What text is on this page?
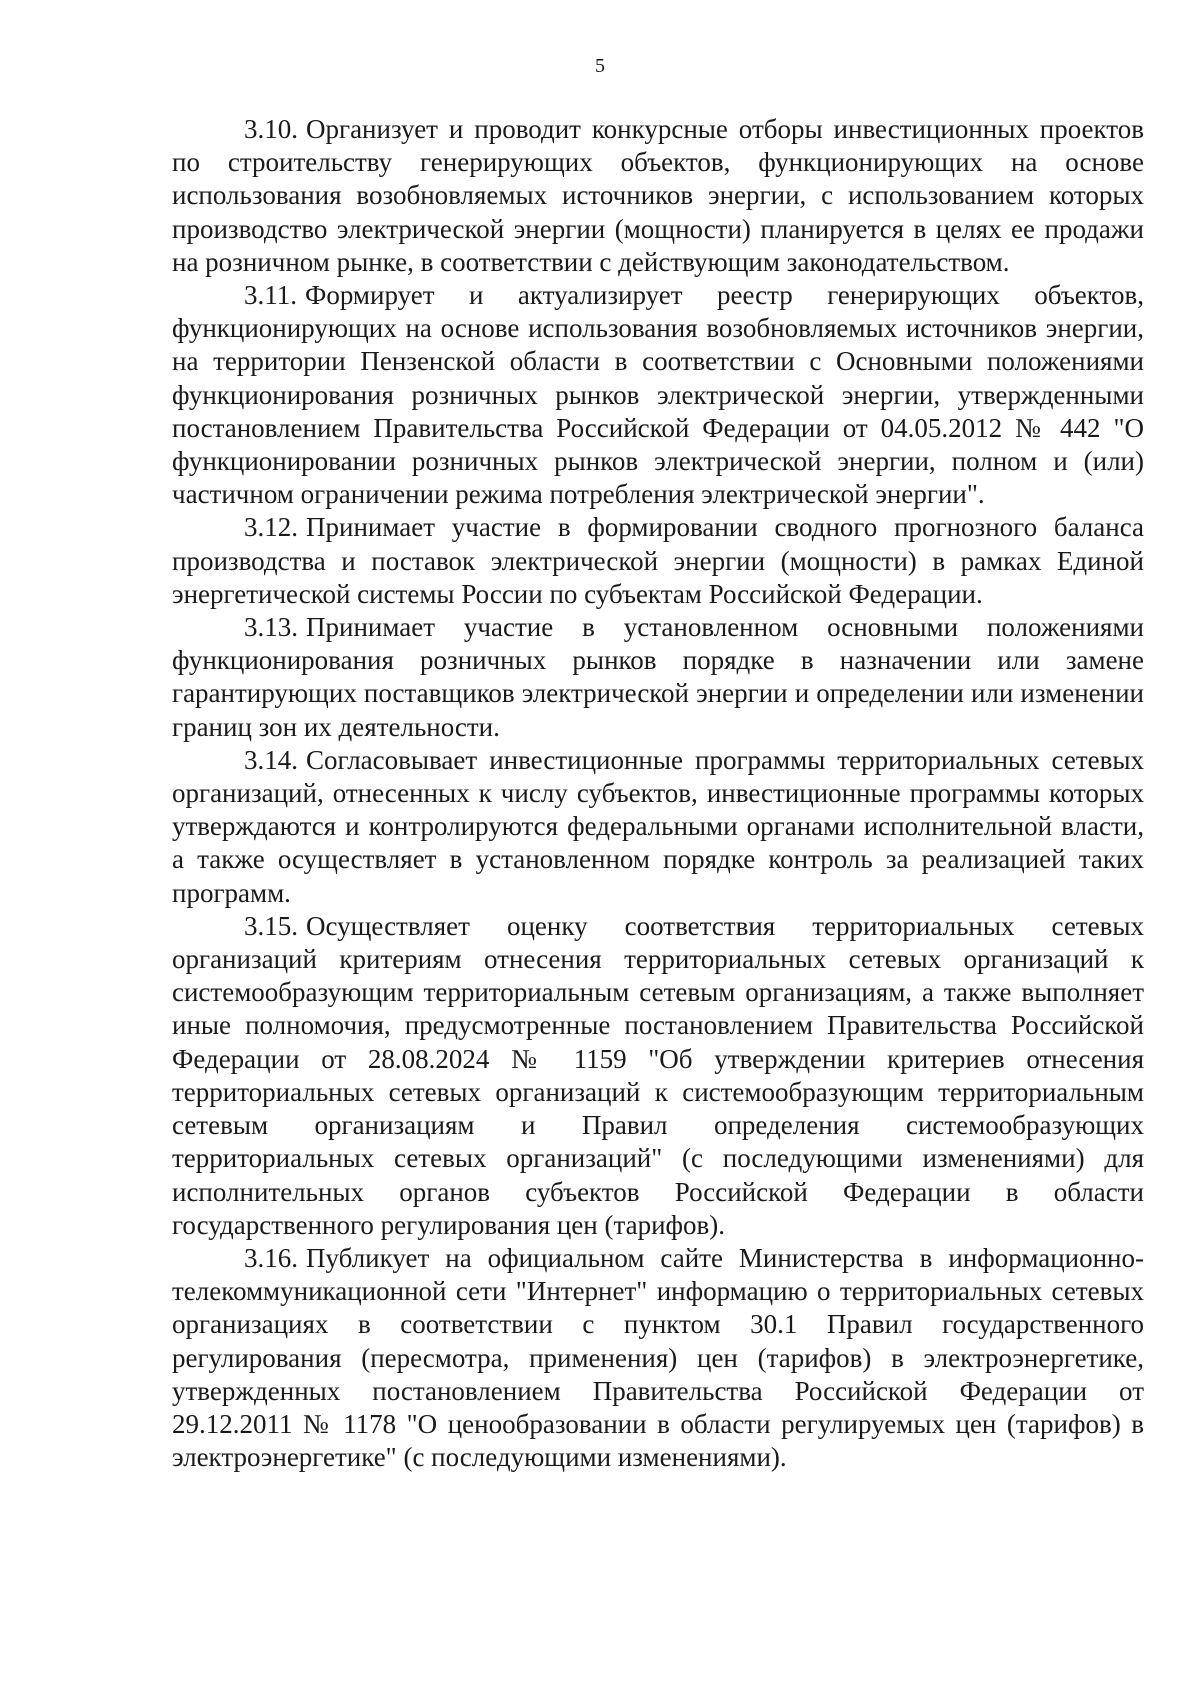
5

3.10. Организует и проводит конкурсные отборы инвестиционных проектов по строительству генерирующих объектов, функционирующих на основе использования возобновляемых источников энергии, с использованием которых производство электрической энергии (мощности) планируется в целях ее продажи на розничном рынке, в соответствии с действующим законодательством.

3.11. Формирует и актуализирует реестр генерирующих объектов, функционирующих на основе использования возобновляемых источников энергии, на территории Пензенской области в соответствии с Основными положениями функционирования розничных рынков электрической энергии, утвержденными постановлением Правительства Российской Федерации от 04.05.2012 № 442 "О функционировании розничных рынков электрической энергии, полном и (или) частичном ограничении режима потребления электрической энергии".

3.12. Принимает участие в формировании сводного прогнозного баланса производства и поставок электрической энергии (мощности) в рамках Единой энергетической системы России по субъектам Российской Федерации.

3.13. Принимает участие в установленном основными положениями функционирования розничных рынков порядке в назначении или замене гарантирующих поставщиков электрической энергии и определении или изменении границ зон их деятельности.

3.14. Согласовывает инвестиционные программы территориальных сетевых организаций, отнесенных к числу субъектов, инвестиционные программы которых утверждаются и контролируются федеральными органами исполнительной власти, а также осуществляет в установленном порядке контроль за реализацией таких программ.

3.15. Осуществляет оценку соответствия территориальных сетевых организаций критериям отнесения территориальных сетевых организаций к системообразующим территориальным сетевым организациям, а также выполняет иные полномочия, предусмотренные постановлением Правительства Российской Федерации от 28.08.2024 № 1159 "Об утверждении критериев отнесения территориальных сетевых организаций к системообразующим территориальным сетевым организациям и Правил определения системообразующих территориальных сетевых организаций" (с последующими изменениями) для исполнительных органов субъектов Российской Федерации в области государственного регулирования цен (тарифов).

3.16. Публикует на официальном сайте Министерства в информационно-телекоммуникационной сети "Интернет" информацию о территориальных сетевых организациях в соответствии с пунктом 30.1 Правил государственного регулирования (пересмотра, применения) цен (тарифов) в электроэнергетике, утвержденных постановлением Правительства Российской Федерации от 29.12.2011 № 1178 "О ценообразовании в области регулируемых цен (тарифов) в электроэнергетике" (с последующими изменениями).
